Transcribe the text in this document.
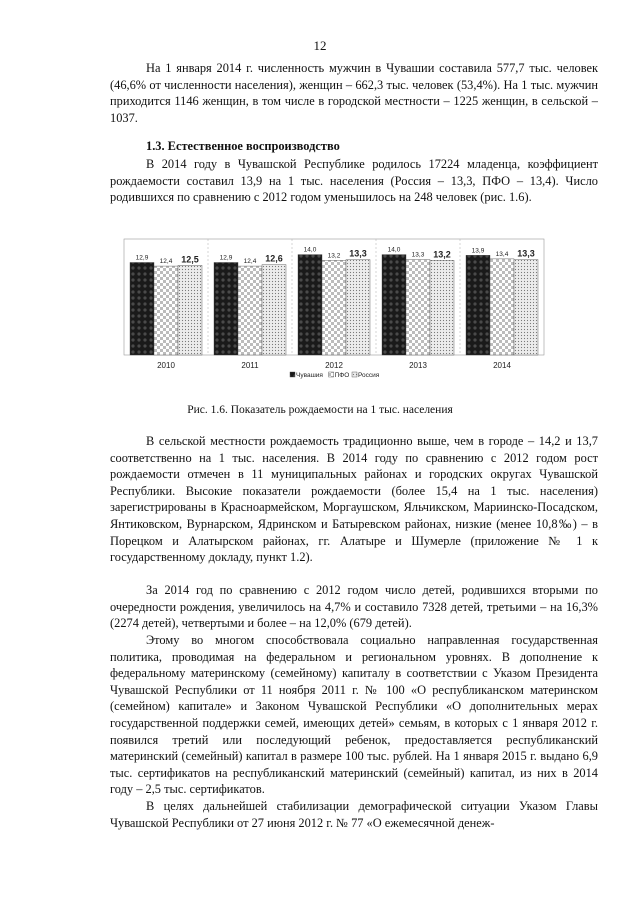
12

На 1 января 2014 г. численность мужчин в Чувашии составила 577,7 тыс. человек (46,6% от численности населения), женщин – 662,3 тыс. человек (53,4%). На 1 тыс. мужчин приходится 1146 женщин, в том числе в городской местности – 1225 женщин, в сельской – 1037.

1.3. Естественное воспроизводство

В 2014 году в Чувашской Республике родилось 17224 младенца, коэффициент рождаемости составил 13,9 на 1 тыс. населения (Россия – 13,3, ПФО – 13,4). Число родившихся по сравнению с 2012 годом уменьшилось на 248 человек (рис. 1.6).

12,9
12,4 12,5	12,9
12,4 12,6
14,0
13,2 13,3	14,0
13,3 13,2	13,9
13,4 13,3
2010	2011	2012	2013	2014
Чувашия ПФО Россия

Рис. 1.6. Показатель рождаемости на 1 тыс. населения

В сельской местности рождаемость традиционно выше, чем в городе – 14,2 и 13,7 соответственно на 1 тыс. населения. В 2014 году по сравнению с 2012 годом рост рождаемости отмечен в 11 муниципальных районах и городских округах Чувашской Республики. Высокие показатели рождаемости (более 15,4 на 1 тыс. населения) зарегистрированы в Красноармейском, Моргаушском, Яльчикском, Мариинско-Посадском, Янтиковском, Вурнарском, Ядринском и Батыревском районах, низкие (менее 10,8‰) – в Порецком и Алатырском районах, гг. Алатыре и Шумерле (приложение № 1 к государственному докладу, пункт 1.2).

За 2014 год по сравнению с 2012 годом число детей, родившихся вторыми по очередности рождения, увеличилось на 4,7% и составило 7328 детей, третьими – на 16,3% (2274 детей), четвертыми и более – на 12,0% (679 детей).

Этому во многом способствовала социально направленная государственная политика, проводимая на федеральном и региональном уровнях. В дополнение к федеральному материнскому (семейному) капиталу в соответствии с Указом Президента Чувашской Республики от 11 ноября 2011 г. № 100 «О республиканском материнском (семейном) капитале» и Законом Чувашской Республики «О дополнительных мерах государственной поддержки семей, имеющих детей» семьям, в которых с 1 января 2012 г. появился третий или последующий ребенок, предоставляется республиканский материнский (семейный) капитал в размере 100 тыс. рублей. На 1 января 2015 г. выдано 6,9 тыс. сертификатов на республиканский материнский (семейный) капитал, из них в 2014 году – 2,5 тыс. сертификатов.

В целях дальнейшей стабилизации демографической ситуации Указом Главы Чувашской Республики от 27 июня 2012 г. № 77 «О ежемесячной денеж-
